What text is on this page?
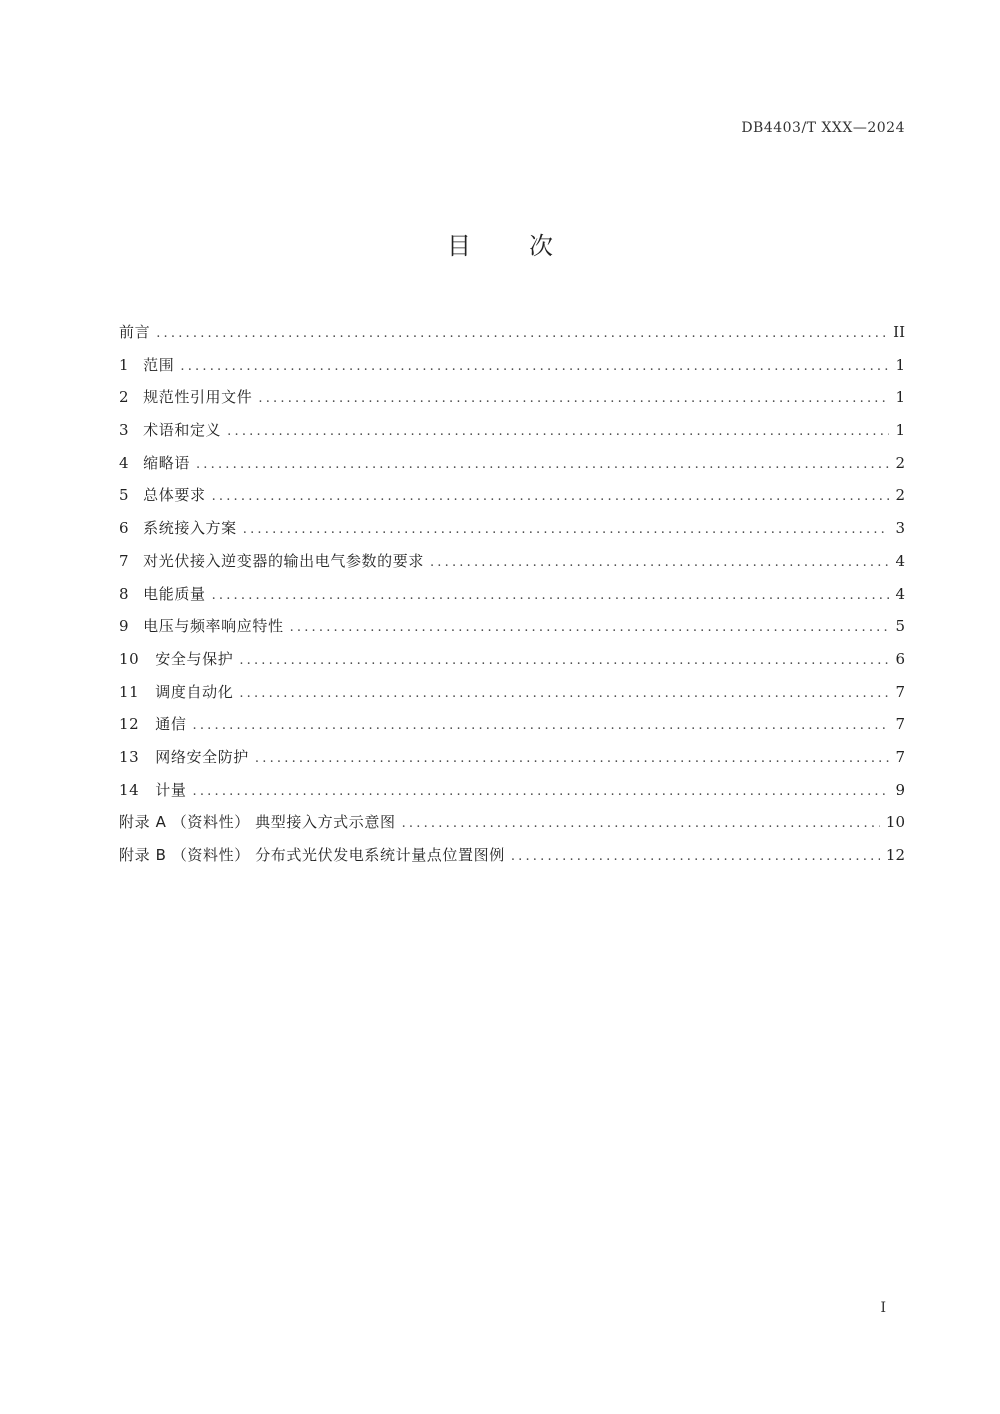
DB4403/T XXX—2024
目次
前言 .....	II
1 范围 .....	1
2 规范性引用文件 .....	1
3 术语和定义 .....	1
4 缩略语 .....	2
5 总体要求 .....	2
6 系统接入方案 .....	3
7 对光伏接入逆变器的输出电气参数的要求 .....	4
8 电能质量 .....	4
9 电压与频率响应特性 .....	5
10 安全与保护 .....	6
11 调度自动化 .....	7
12 通信 .....	7
13 网络安全防护 .....	7
14 计量 .....	9
附录 A （资料性） 典型接入方式示意图 .....	10
附录 B （资料性） 分布式光伏发电系统计量点位置图例 .....	12
I
